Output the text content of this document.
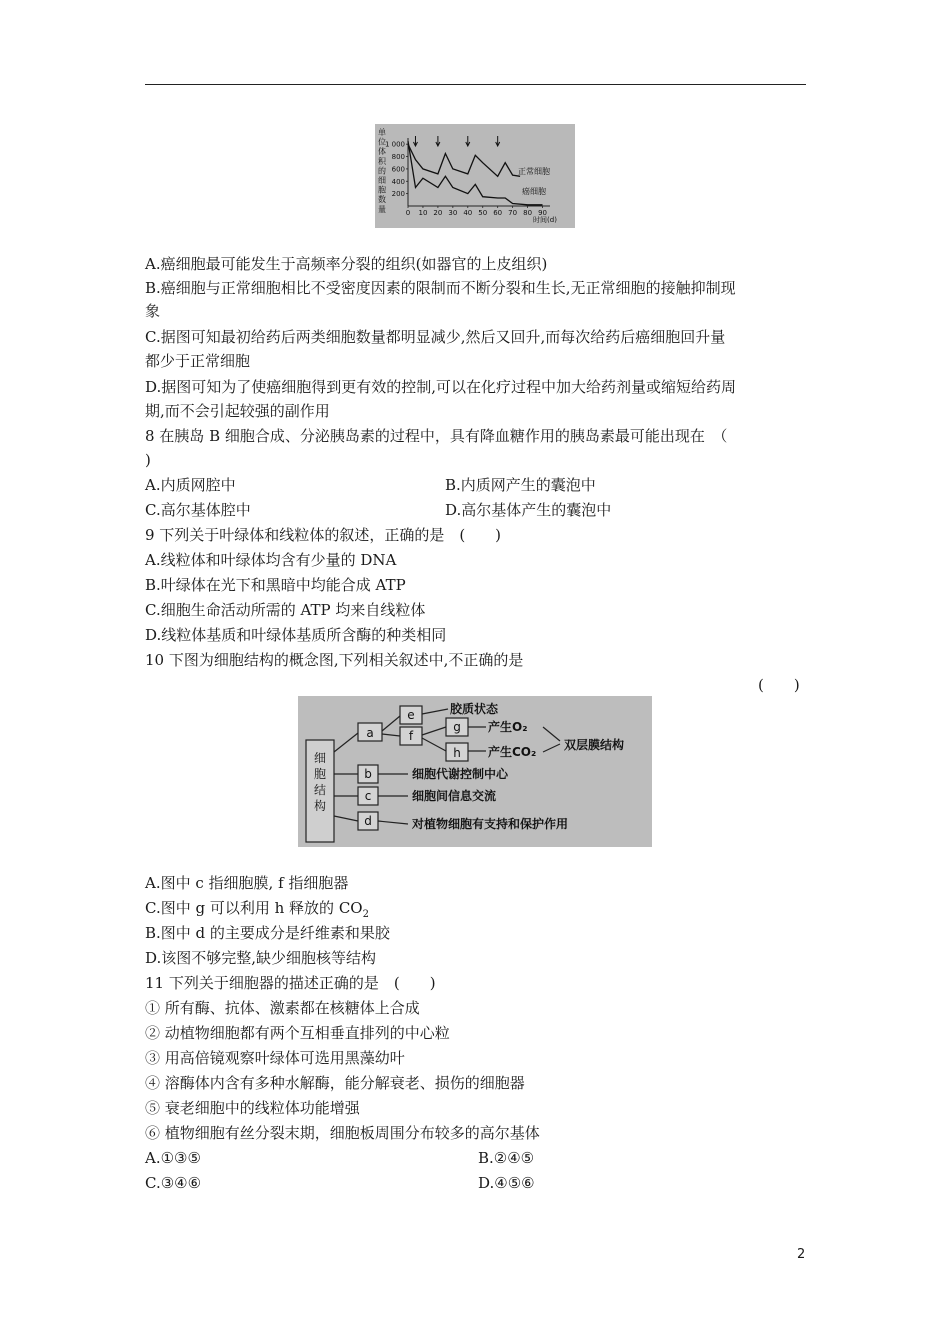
单
位
体
积
的
细
胞
数
量
200
400
600
800
1 000
0 10 20 30 40 50 60 70 80 90
时间(d)
正常细胞
癌细胞
A.癌细胞最可能发生于高频率分裂的组织(如器官的上皮组织)
B.癌细胞与正常细胞相比不受密度因素的限制而不断分裂和生长,无正常细胞的接触抑制现
象
C.据图可知最初给药后两类细胞数量都明显减少,然后又回升,而每次给药后癌细胞回升量
都少于正常细胞
D.据图可知为了使癌细胞得到更有效的控制,可以在化疗过程中加大给药剂量或缩短给药周
期,而不会引起较强的副作用
8 在胰岛 B 细胞合成、分泌胰岛素的过程中，具有降血糖作用的胰岛素最可能出现在　（
)
A.内质网腔中	B.内质网产生的囊泡中
C.高尔基体腔中	D.高尔基体产生的囊泡中
9 下列关于叶绿体和线粒体的叙述，正确的是　(　　)
A.线粒体和叶绿体均含有少量的 DNA
B.叶绿体在光下和黑暗中均能合成 ATP
C.细胞生命活动所需的 ATP 均来自线粒体
D.线粒体基质和叶绿体基质所含酶的种类相同
10 下图为细胞结构的概念图,下列相关叙述中,不正确的是
(　　)
细
胞
结
构
a
e
f
g
h
b
c
d
胶质状态
产生O₂
产生CO₂ 双层膜结构
细胞代谢控制中心
细胞间信息交流
对植物细胞有支持和保护作用
A.图中 c 指细胞膜, f 指细胞器
C.图中 g 可以利用 h 释放的 $CO_2$
B.图中 d 的主要成分是纤维素和果胶
D.该图不够完整,缺少细胞核等结构
11 下列关于细胞器的描述正确的是　(　　)
① 所有酶、抗体、激素都在核糖体上合成
② 动植物细胞都有两个互相垂直排列的中心粒
③ 用高倍镜观察叶绿体可选用黑藻幼叶
④ 溶酶体内含有多种水解酶，能分解衰老、损伤的细胞器
⑤ 衰老细胞中的线粒体功能增强
⑥ 植物细胞有丝分裂末期，细胞板周围分布较多的高尔基体
A.①③⑤	B.②④⑤
C.③④⑥	D.④⑤⑥
2
